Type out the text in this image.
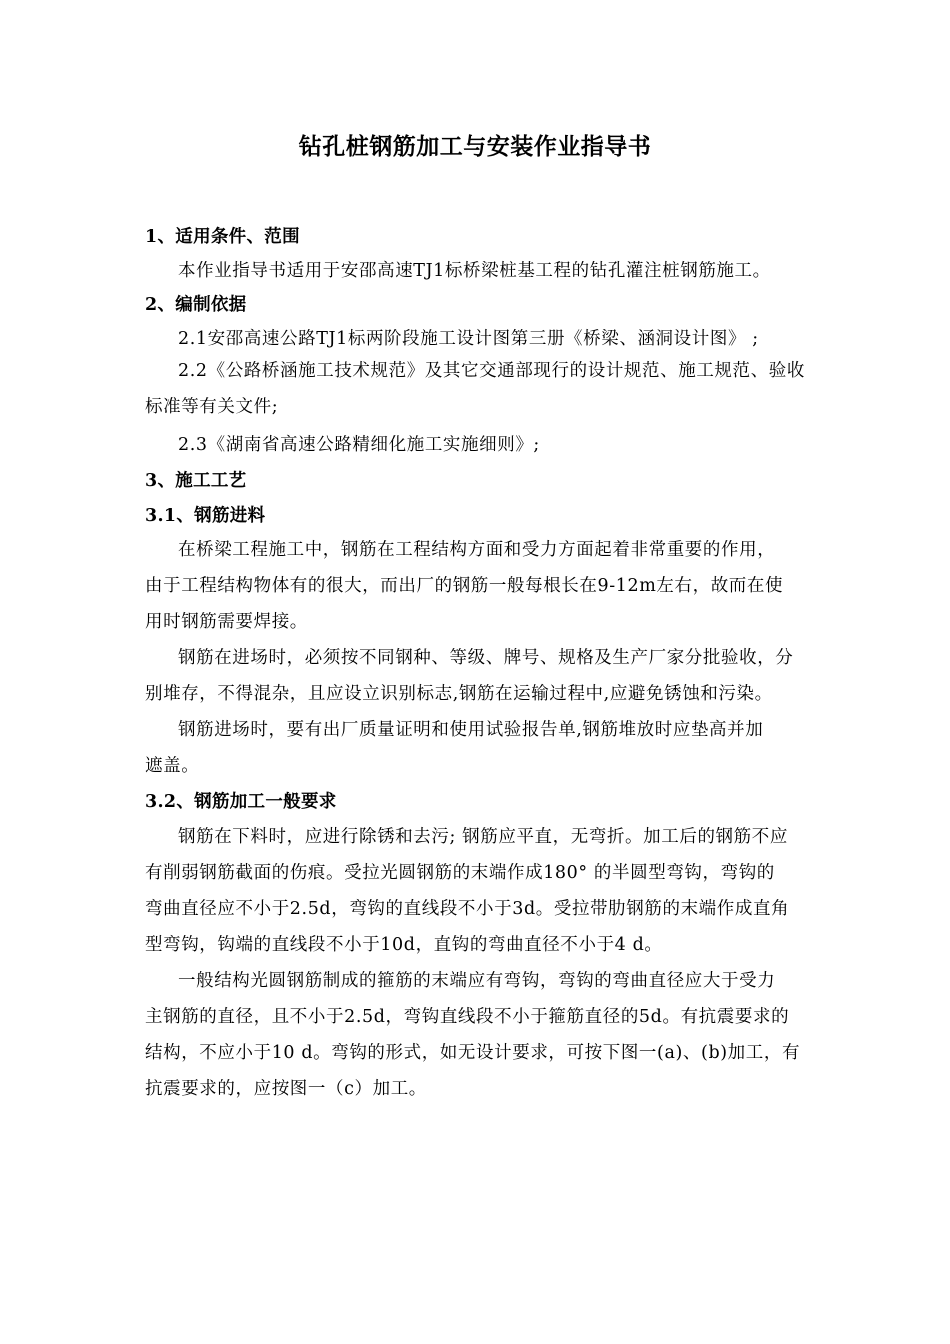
钻孔桩钢筋加工与安装作业指导书
1、适用条件、范围
本作业指导书适用于安邵高速TJ1标桥梁桩基工程的钻孔灌注桩钢筋施工。
2、编制依据
2.1安邵高速公路TJ1标两阶段施工设计图第三册《桥梁、涵洞设计图》 ;
2.2《公路桥涵施工技术规范》及其它交通部现行的设计规范、施工规范、验收
标准等有关文件;
2.3《湖南省高速公路精细化施工实施细则》;
3、施工工艺
3.1、钢筋进料
在桥梁工程施工中，钢筋在工程结构方面和受力方面起着非常重要的作用，
由于工程结构物体有的很大，而出厂的钢筋一般每根长在9-12m左右，故而在使
用时钢筋需要焊接。
钢筋在进场时，必须按不同钢种、等级、牌号、规格及生产厂家分批验收，分
别堆存，不得混杂，且应设立识别标志,钢筋在运输过程中,应避免锈蚀和污染。
钢筋进场时，要有出厂质量证明和使用试验报告单,钢筋堆放时应垫高并加
遮盖。
3.2、钢筋加工一般要求
钢筋在下料时，应进行除锈和去污; 钢筋应平直，无弯折。加工后的钢筋不应
有削弱钢筋截面的伤痕。受拉光圆钢筋的末端作成180° 的半圆型弯钩，弯钩的
弯曲直径应不小于2.5d，弯钩的直线段不小于3d。受拉带肋钢筋的末端作成直角
型弯钩，钩端的直线段不小于10d，直钩的弯曲直径不小于4 d。
一般结构光圆钢筋制成的箍筋的末端应有弯钩，弯钩的弯曲直径应大于受力
主钢筋的直径，且不小于2.5d，弯钩直线段不小于箍筋直径的5d。有抗震要求的
结构，不应小于10 d。弯钩的形式，如无设计要求，可按下图一(a)、(b)加工，有
抗震要求的，应按图一（c）加工。
